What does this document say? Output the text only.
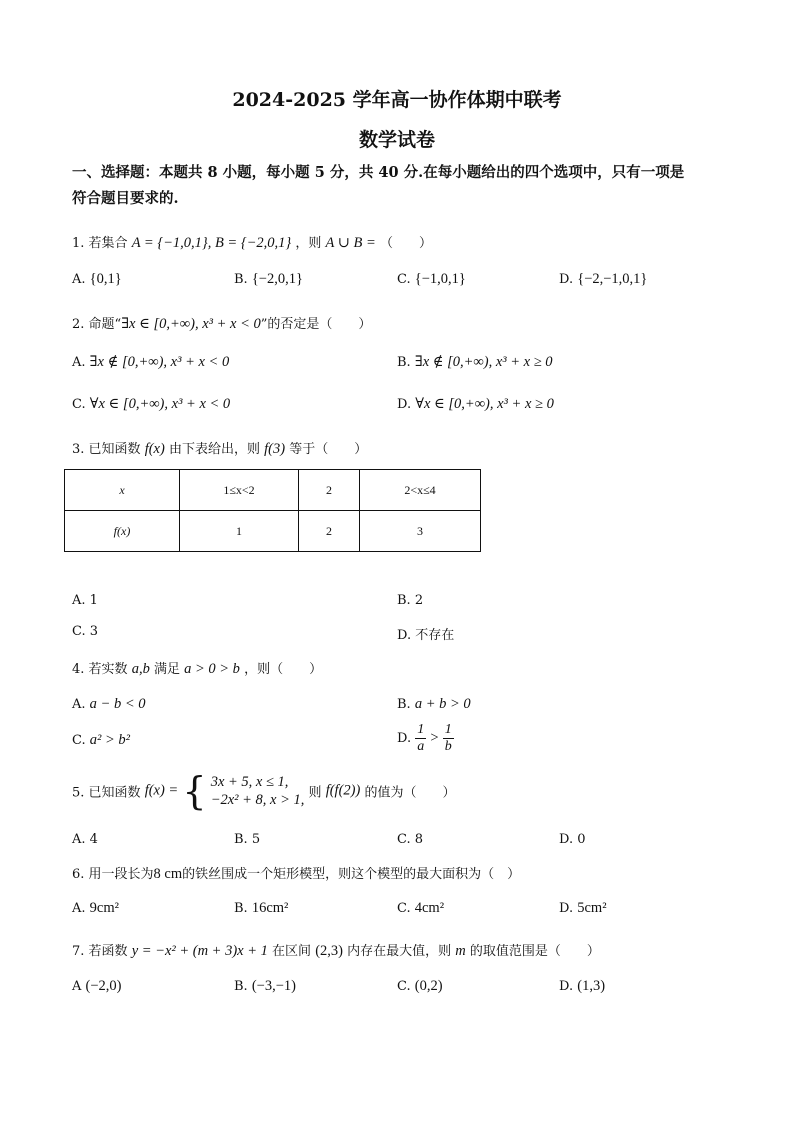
2024-2025 学年高一协作体期中联考
数学试卷
一、选择题：本题共 8 小题，每小题 5 分，共 40 分.在每小题给出的四个选项中，只有一项是
符合题目要求的.
1. 若集合 A = {−1,0,1}, B = {−2,0,1} ，则 A ∪ B = （　　）
A. {0,1}	B. {−2,0,1}	C. {−1,0,1}	D. {−2,−1,0,1}
2. 命题“∃x ∈ [0,+∞), x³ + x < 0”的否定是（　　）
A. ∃x ∉ [0,+∞), x³ + x < 0	B. ∃x ∉ [0,+∞), x³ + x ≥ 0
C. ∀x ∈ [0,+∞), x³ + x < 0	D. ∀x ∈ [0,+∞), x³ + x ≥ 0
3. 已知函数 f(x) 由下表给出，则 f(3) 等于（　　）
x	1≤x<2	2	2<x≤4
f(x)	1	2	3
A. 1	B. 2
C. 3	D. 不存在
4. 若实数 a,b 满足 a > 0 > b ，则（　　）
A. a − b < 0	B. a + b > 0
C. a² > b²	D. $\frac{1}{a} > \frac{1}{b}$
5. 已知函数 f(x) = { 3x + 5, x ≤ 1,
−2x² + 8, x > 1, 则 f(f(2)) 的值为（　　）
A. 4	B. 5	C. 8	D. 0
6. 用一段长为8 cm的铁丝围成一个矩形模型，则这个模型的最大面积为（　）
A. 9cm²	B. 16cm²	C. 4cm²	D. 5cm²
7. 若函数 y = −x² + (m + 3)x + 1 在区间 (2,3) 内存在最大值，则 m 的取值范围是（　　）
A (−2,0)	B. (−3,−1)	C. (0,2)	D. (1,3)
